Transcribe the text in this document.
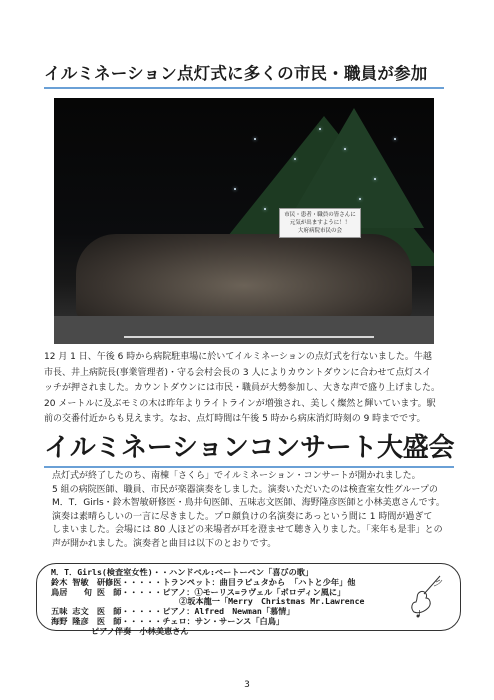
イルミネーション点灯式に多くの市民・職員が参加
市民・患者・職員の皆さんに
元気が出ますように！！
大府病院市民の会

12 月 1 日、午後 6 時から病院駐車場に於いてイルミネーションの点灯式を行ないました。牛越
市長、井上病院長(事業管理者)・守る会村会長の 3 人によりカウントダウンに合わせて点灯スイ
ッチが押されました。カウントダウンには市民・職員が大勢参加し、大きな声で盛り上げました。
20 メートルに及ぶモミの木は昨年よりライトラインが増強され、美しく燦然と輝いています。駅
前の交番付近からも見えます。なお、点灯時間は午後 5 時から病床消灯時刻の 9 時までです。

イルミネーションコンサート大盛会

点灯式が終了したのち、南棟「さくら」でイルミネーション・コンサートが開かれました。
5 組の病院医師、職員、市民が楽器演奏をしました。演奏いただいたのは検査室女性グループの
M．T．Girls・鈴木智敏研修医・鳥井旬医師、五味志文医師、海野隆彦医師と小林美恵さんです。
演奏は素晴らしいの一言に尽きました。プロ顔負けの名演奏にあっという間に 1 時間が過ぎて
しまいました。会場には 80 人ほどの来場者が耳を澄ませて聴き入りました。「来年も是非」との
声が開かれました。演奏者と曲目は以下のとおりです。

M．T．Girls(検査室女性)・・ハンドベル:ベートーベン「喜びの歌」
鈴木 智敏　研修医・・・・・トランペット：曲目ラピュタから 「ハトと少年」他
鳥居　　旬 医　師・・・・・ピアノ：①モーリス=ラヴェル「ボロディン風に」
②坂本龍一「Merry　Christmas Mr.Lawrence
五味 志文　医　師・・・・・ピアノ：Alfred　Newman「慕情」
海野 隆彦　医　師・・・・・チェロ：サン・サーンス「白鳥」
ピアノ伴奏　小林美恵さん
3
